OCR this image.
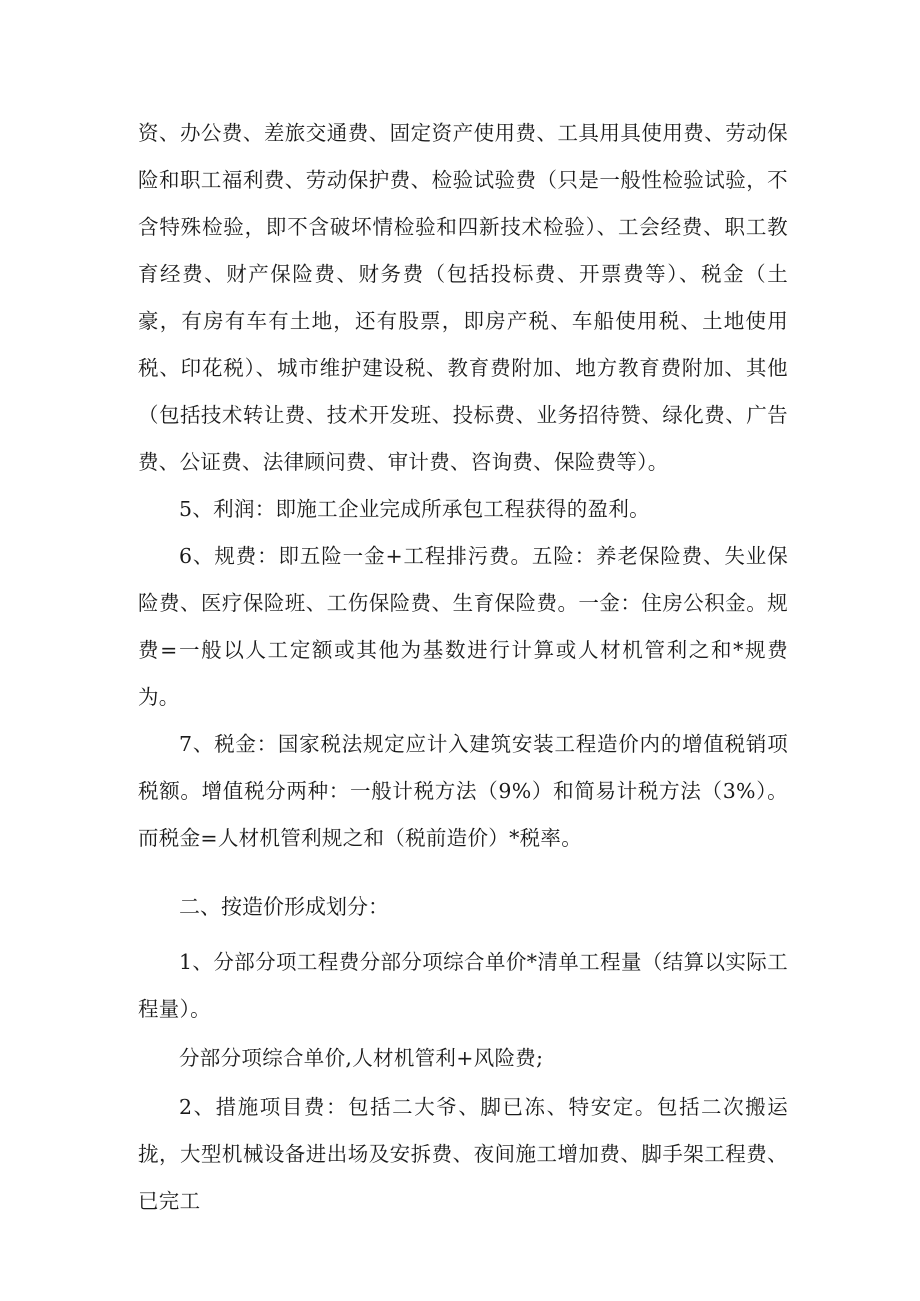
资、办公费、差旅交通费、固定资产使用费、工具用具使用费、劳动保险和职工福利费、劳动保护费、检验试验费（只是一般性检验试验，不含特殊检验，即不含破坏情检验和四新技术检验）、工会经费、职工教育经费、财产保险费、财务费（包括投标费、开票费等）、税金（土豪，有房有车有土地，还有股票，即房产税、车船使用税、土地使用税、印花税）、城市维护建设税、教育费附加、地方教育费附加、其他（包括技术转让费、技术开发班、投标费、业务招待赞、绿化费、广告费、公证费、法律顾问费、审计费、咨询费、保险费等）。

5、利润：即施工企业完成所承包工程获得的盈利。

6、规费：即五险一金+工程排污费。五险：养老保险费、失业保险费、医疗保险班、工伤保险费、生育保险费。一金：住房公积金。规费=一般以人工定额或其他为基数进行计算或人材机管利之和*规费为。

7、税金：国家税法规定应计入建筑安装工程造价内的增值税销项税额。增值税分两种：一般计税方法（9%）和简易计税方法（3%）。而税金=人材机管利规之和（税前造价）*税率。

二、按造价形成划分：

1、分部分项工程费分部分项综合单价*清单工程量（结算以实际工程量）。

分部分项综合单价,人材机管利+风险费;

2、措施项目费：包括二大爷、脚已冻、特安定。包括二次搬运拢，大型机械设备进出场及安拆费、夜间施工增加费、脚手架工程费、已完工
